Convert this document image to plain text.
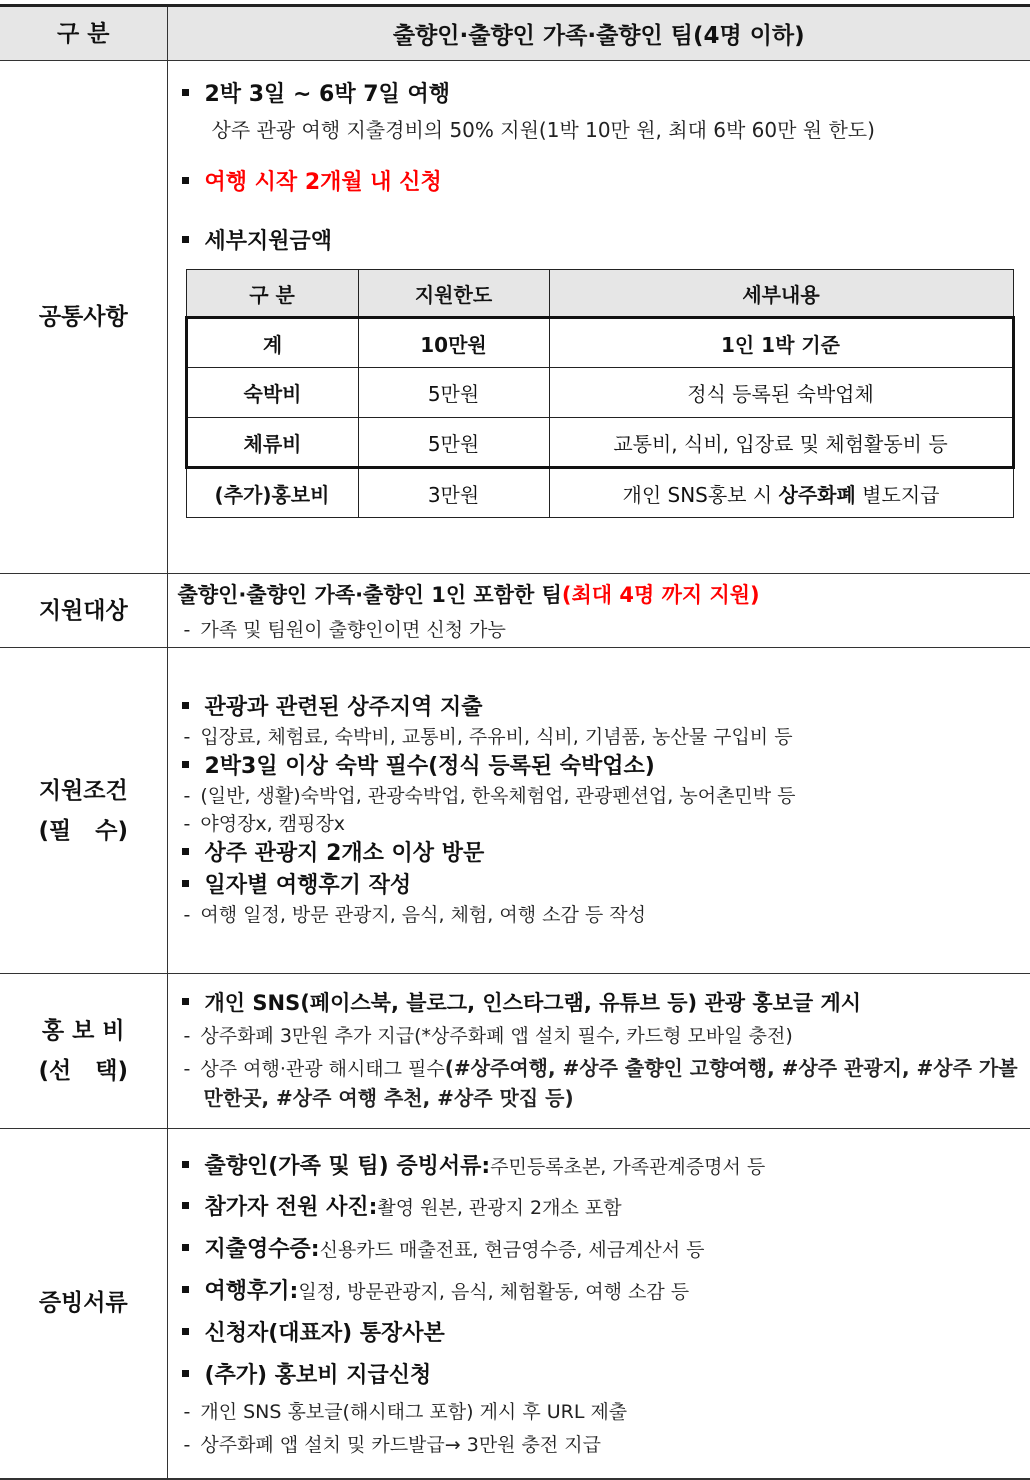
구 분	출향인·출향인 가족·출향인 팀(4명 이하)
공통사항	
2박 3일 ~ 6박 7일 여행
상주 관광 여행 지출경비의 50% 지원(1박 10만 원, 최대 6박 60만 원 한도)
여행 시작 2개월 내 신청
세부지원금액
구 분	지원한도	세부내용
계	10만원	1인 1박 기준
숙박비	5만원	정식 등록된 숙박업체
체류비	5만원	교통비, 식비, 입장료 및 체험활동비 등
(추가)홍보비	3만원	개인 SNS홍보 시 상주화폐 별도지급

지원대상	
출향인·출향인 가족·출향인 1인 포함한 팀(최대 4명 까지 지원)
- 가족 및 팀원이 출향인이면 신청 가능

지원조건
(필   수)

관광과 관련된 상주지역 지출
- 입장료, 체험료, 숙박비, 교통비, 주유비, 식비, 기념품, 농산물 구입비 등
2박3일 이상 숙박 필수(정식 등록된 숙박업소)
- (일반, 생활)숙박업, 관광숙박업, 한옥체험업, 관광펜션업, 농어촌민박 등
- 야영장x, 캠핑장x
상주 관광지 2개소 이상 방문
일자별 여행후기 작성
- 여행 일정, 방문 관광지, 음식, 체험, 여행 소감 등 작성

홍 보 비
(선   택)

개인 SNS(페이스북, 블로그, 인스타그램, 유튜브 등) 관광 홍보글 게시
- 상주화폐 3만원 추가 지급(*상주화폐 앱 설치 필수, 카드형 모바일 충전)
- 상주 여행·관광 해시태그 필수(#상주여행, #상주 출향인 고향여행, #상주 관광지, #상주 가볼만한곳, #상주 여행 추천, #상주 맛집 등)

증빙서류	
출향인(가족 및 팀) 증빙서류: 주민등록초본, 가족관계증명서 등
참가자 전원 사진: 촬영 원본, 관광지 2개소 포함
지출영수증: 신용카드 매출전표, 현금영수증, 세금계산서 등
여행후기: 일정, 방문관광지, 음식, 체험활동, 여행 소감 등
신청자(대표자) 통장사본
(추가) 홍보비 지급신청
- 개인 SNS 홍보글(해시태그 포함) 게시 후 URL 제출
- 상주화폐 앱 설치 및 카드발급→ 3만원 충전 지급
